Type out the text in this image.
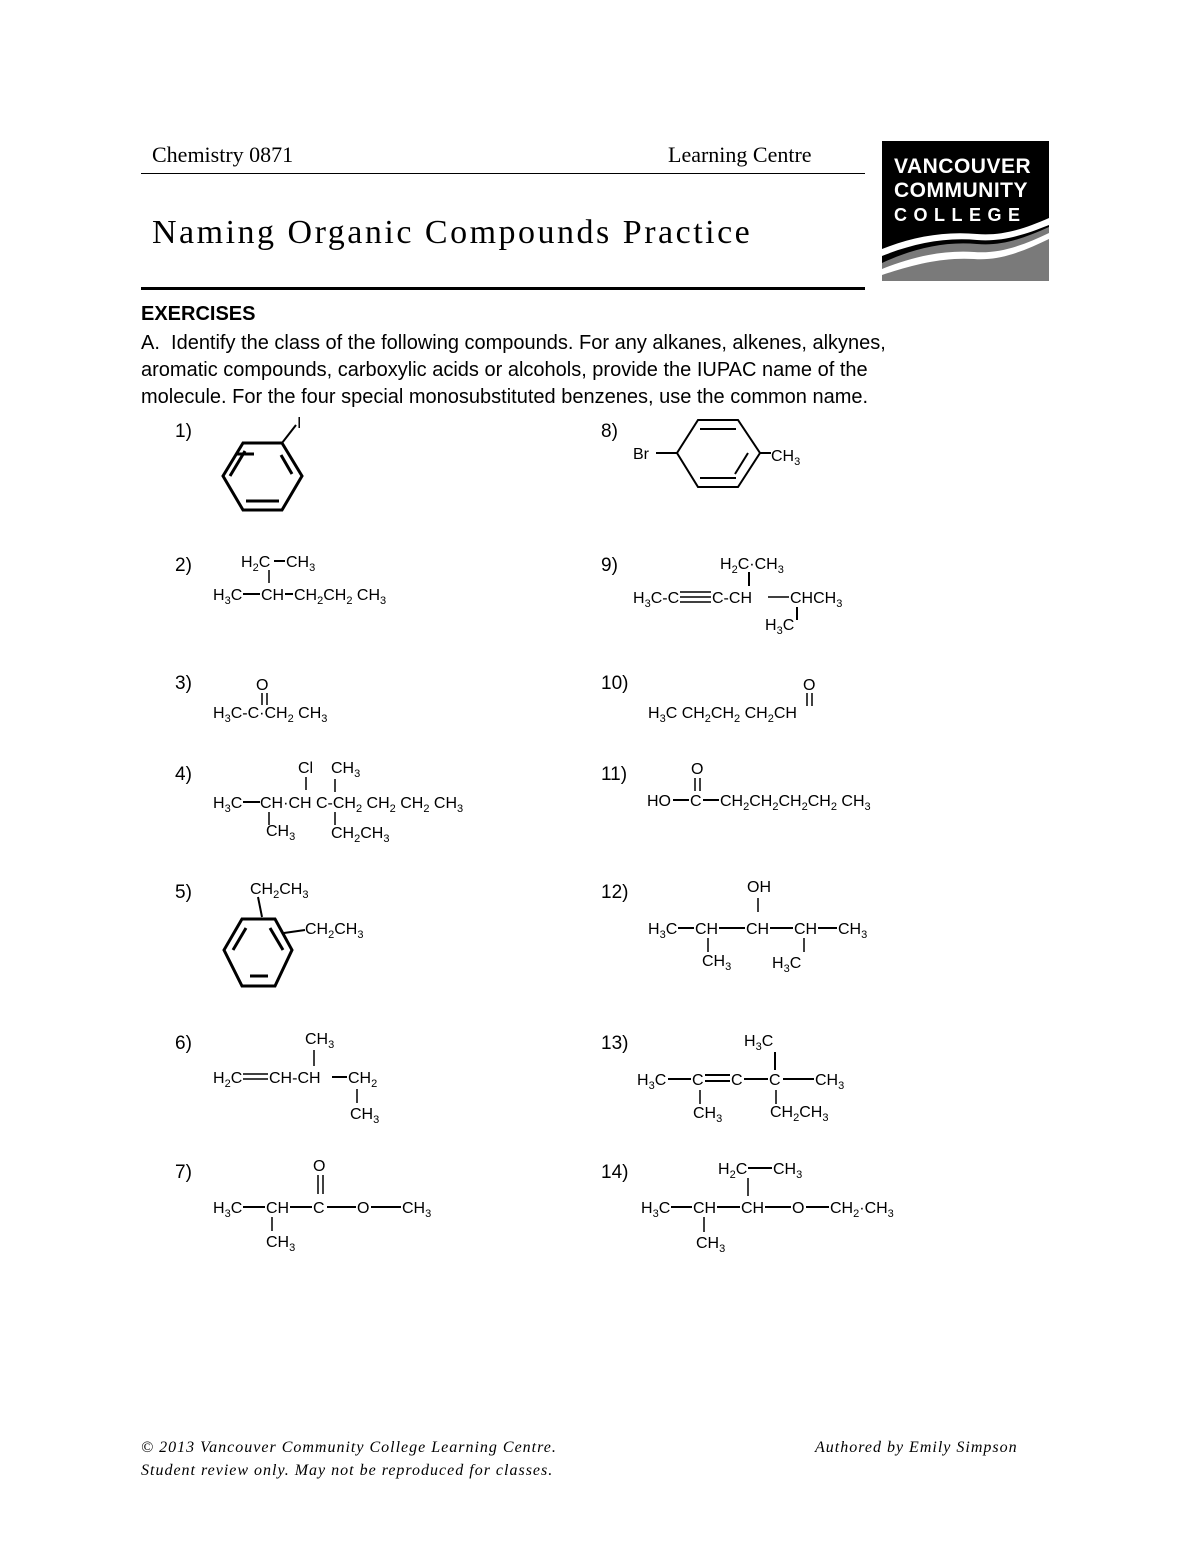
Chemistry 0871	Learning Centre
Naming Organic Compounds Practice
VANCOUVER
COMMUNITY
COLLEGE
EXERCISES
A.  Identify the class of the following compounds. For any alkanes, alkenes, alkynes,
aromatic compounds, carboxylic acids or alcohols, provide the IUPAC name of the
molecule. For the four special monosubstituted benzenes, use the common name.
1)
2)
3)
4)
5)
6)
7)
8)
9)
10)
11)
12)
13)
14)
I
Br	$CH_3$
$H_2C$ $CH_3$
$H_3C$ CH $CH_2CH_2$ $CH_3$
$H_2C\cdot CH_3$
$H_3C-C$ C-CH $CHCH_3$
$H_3C$
O
$H_3C-C\cdot CH_2$ $CH_3$
O
$H_3C$ $CH_2CH_2$ $CH_2CH$
Cl $CH_3$
$H_3C$ CH·CH $C-CH_2$ $CH_2$ $CH_2$ $CH_3$
$CH_3$ $CH_2CH_3$
O
HO C $CH_2CH_2CH_2CH_2$ $CH_3$
$CH_2CH_3$
$CH_2CH_3$
OH
$H_3C$ CH CH CH $CH_3$
$CH_3$	$H_3C$
$CH_3$
$H_2C$ CH-CH $CH_2$
$CH_3$
$H_3C$
$H_3C$ C C C $CH_3$
$CH_3$	$CH_2CH_3$
O
$H_3C$ CH C O $CH_3$
$CH_3$
$H_2C$ $CH_3$
$H_3C$ CH CH O $CH_2\cdot CH_3$
$CH_3$
© 2013 Vancouver Community College Learning Centre.
Student review only. May not be reproduced for classes.
Authored by Emily Simpson
